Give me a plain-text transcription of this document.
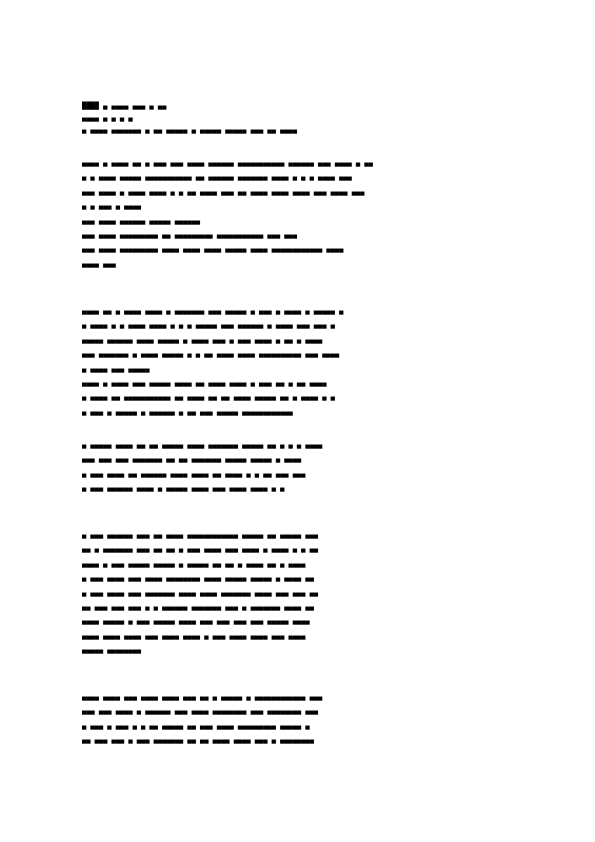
████ ▄ ▄▄▄▄ ▄▄▄ ▄ ▄▄
▄▄▄▄ ▄ ▄ ▄ ▄
▄ ▄▄▄▄ ▄▄▄▄▄▄▄ ▄ ▄▄ ▄▄▄▄▄ ▄ ▄▄▄▄▄ ▄▄▄▄▄ ▄▄▄ ▄▄ ▄▄▄▄
▄▄▄▄ ▄ ▄▄▄▄ ▄▄ ▄ ▄▄▄ ▄▄▄ ▄▄▄▄ ▄▄▄▄▄▄ ▄▄▄▄▄▄▄▄▄▄▄ ▄▄▄▄▄▄ ▄▄▄ ▄▄▄▄ ▄ ▄▄
▄ ▄ ▄▄▄▄ ▄▄▄▄▄ ▄▄▄▄▄▄▄▄▄▄▄ ▄▄ ▄▄▄▄▄▄ ▄▄▄▄▄▄▄ ▄▄▄▄ ▄ ▄ ▄ ▄▄▄▄ ▄▄▄
▄▄▄ ▄▄▄▄ ▄ ▄▄▄▄ ▄▄▄▄ ▄ ▄ ▄▄ ▄▄▄▄ ▄▄▄ ▄▄ ▄▄▄▄ ▄▄▄▄ ▄▄▄▄ ▄▄▄ ▄▄▄▄ ▄▄▄
▄ ▄ ▄▄▄ ▄ ▄▄▄▄
▄▄▄ ▄▄▄▄ ▄▄▄▄▄▄ ▄▄▄▄▄ ▄▄▄▄▄▄
▄▄▄ ▄▄▄▄ ▄▄▄▄▄▄▄▄▄ ▄▄ ▄▄▄▄▄▄▄▄▄ ▄▄▄▄▄▄▄▄▄▄▄ ▄▄▄ ▄▄▄
▄▄▄ ▄▄▄▄ ▄▄▄▄▄▄▄▄▄ ▄▄▄▄ ▄▄▄▄ ▄▄▄▄ ▄▄▄▄▄ ▄▄▄▄ ▄▄▄▄▄▄▄▄▄▄▄▄ ▄▄▄▄
▄▄▄▄ ▄▄▄
▄▄▄▄ ▄▄ ▄ ▄▄▄▄ ▄▄▄▄ ▄ ▄▄▄▄▄▄▄ ▄▄▄ ▄▄▄▄▄ ▄ ▄▄▄ ▄ ▄▄▄▄ ▄ ▄▄▄▄▄ ▄
▄ ▄▄▄▄ ▄ ▄ ▄▄▄▄ ▄▄▄▄ ▄ ▄ ▄ ▄▄▄▄▄ ▄▄▄ ▄▄▄▄▄▄ ▄ ▄▄▄▄ ▄▄▄ ▄▄▄ ▄
▄▄▄▄▄ ▄▄▄▄▄▄ ▄▄▄▄ ▄▄▄▄▄ ▄ ▄▄▄▄ ▄▄▄ ▄ ▄▄▄ ▄▄▄▄ ▄ ▄▄ ▄ ▄▄▄▄
▄▄▄ ▄▄▄▄▄▄▄ ▄ ▄▄▄▄ ▄▄▄▄▄ ▄ ▄ ▄▄ ▄▄▄▄ ▄▄▄▄ ▄▄▄▄▄▄▄▄▄▄ ▄▄▄ ▄▄▄▄
▄ ▄▄▄▄ ▄▄▄ ▄▄▄▄▄
▄▄▄▄ ▄ ▄▄▄▄ ▄▄▄ ▄▄▄▄▄ ▄▄▄▄ ▄▄ ▄▄▄▄ ▄▄▄▄ ▄ ▄▄▄ ▄▄ ▄ ▄▄ ▄▄▄▄
▄ ▄▄▄▄ ▄▄ ▄▄▄▄▄▄▄▄▄▄▄ ▄▄ ▄▄▄▄ ▄▄ ▄▄ ▄▄▄▄ ▄▄▄▄▄ ▄▄ ▄ ▄▄▄▄ ▄ ▄
▄ ▄▄▄ ▄ ▄▄▄▄▄ ▄ ▄▄▄▄▄▄ ▄ ▄▄ ▄▄▄ ▄▄▄▄▄ ▄▄▄▄▄▄▄▄▄▄▄▄
▄ ▄▄▄▄▄ ▄▄▄▄ ▄▄ ▄▄ ▄▄▄▄▄ ▄▄▄▄ ▄▄▄▄▄▄▄ ▄▄▄▄▄ ▄▄ ▄ ▄ ▄ ▄▄▄▄
▄▄▄ ▄▄▄ ▄▄▄ ▄▄▄▄▄▄▄ ▄▄ ▄▄ ▄▄▄▄▄▄▄ ▄▄▄▄▄ ▄▄▄▄▄ ▄ ▄▄▄▄
▄ ▄▄▄ ▄▄▄▄ ▄▄ ▄▄▄▄▄▄ ▄▄▄▄ ▄▄▄▄ ▄▄ ▄▄▄▄ ▄ ▄ ▄▄ ▄▄▄ ▄▄▄
▄ ▄▄▄ ▄▄▄▄▄▄ ▄▄▄▄ ▄ ▄▄▄▄▄ ▄▄▄▄ ▄▄▄ ▄▄▄▄ ▄▄▄▄ ▄ ▄
▄ ▄▄▄ ▄▄▄▄▄▄ ▄▄▄ ▄▄ ▄▄▄▄ ▄▄▄▄▄▄▄▄▄▄▄▄ ▄▄▄▄▄ ▄▄ ▄▄▄▄▄ ▄▄▄
▄▄ ▄ ▄▄▄▄▄▄▄ ▄▄▄ ▄▄ ▄▄ ▄ ▄▄▄ ▄▄▄▄ ▄▄▄ ▄▄▄▄ ▄ ▄▄▄▄ ▄ ▄ ▄▄
▄▄▄▄ ▄ ▄▄▄ ▄▄▄▄▄ ▄▄▄▄▄ ▄ ▄▄▄▄▄ ▄▄ ▄▄ ▄ ▄▄▄▄ ▄▄ ▄ ▄▄▄▄
▄ ▄▄▄ ▄▄▄▄ ▄▄▄ ▄▄▄▄ ▄▄▄▄▄▄▄▄ ▄▄▄▄ ▄▄▄▄▄ ▄▄▄▄▄ ▄ ▄▄▄▄ ▄▄
▄ ▄▄▄ ▄▄▄▄ ▄▄▄ ▄▄▄▄▄▄▄ ▄▄▄▄ ▄▄▄▄ ▄▄▄▄▄▄▄ ▄▄▄▄ ▄▄▄ ▄▄▄ ▄▄
▄▄ ▄▄▄ ▄▄▄ ▄▄▄ ▄ ▄ ▄▄▄▄▄▄ ▄▄▄▄▄▄▄ ▄▄▄ ▄ ▄▄▄▄▄▄▄ ▄▄▄▄ ▄▄
▄▄▄▄ ▄▄▄▄▄ ▄ ▄▄▄ ▄▄▄▄▄ ▄▄▄▄ ▄▄▄ ▄▄▄ ▄▄▄ ▄▄▄ ▄▄▄▄▄ ▄▄▄▄
▄▄▄▄ ▄▄▄▄ ▄▄▄▄ ▄▄▄ ▄▄▄▄ ▄▄▄▄ ▄ ▄▄▄ ▄▄▄▄ ▄▄▄▄ ▄▄▄ ▄▄▄▄
▄▄▄▄▄ ▄▄▄▄▄▄▄▄
▄▄▄▄ ▄▄▄▄ ▄▄▄ ▄▄▄▄ ▄▄▄▄ ▄▄▄ ▄▄ ▄ ▄▄▄▄▄ ▄ ▄▄▄▄▄▄▄▄▄▄▄▄ ▄▄▄
▄▄▄ ▄▄▄ ▄▄▄▄ ▄ ▄▄▄▄▄▄ ▄▄▄ ▄▄▄▄ ▄▄▄▄▄▄▄▄ ▄▄▄ ▄▄▄▄▄▄▄▄ ▄▄▄
▄ ▄▄▄ ▄ ▄▄▄ ▄ ▄ ▄▄ ▄▄▄▄▄ ▄▄ ▄▄▄ ▄▄▄▄ ▄▄▄▄▄▄▄▄▄ ▄▄▄▄▄ ▄
▄▄ ▄▄▄ ▄▄▄ ▄ ▄▄▄ ▄▄▄▄▄▄▄ ▄▄ ▄▄ ▄▄▄▄ ▄▄▄▄ ▄▄▄ ▄ ▄▄▄▄▄▄▄▄
